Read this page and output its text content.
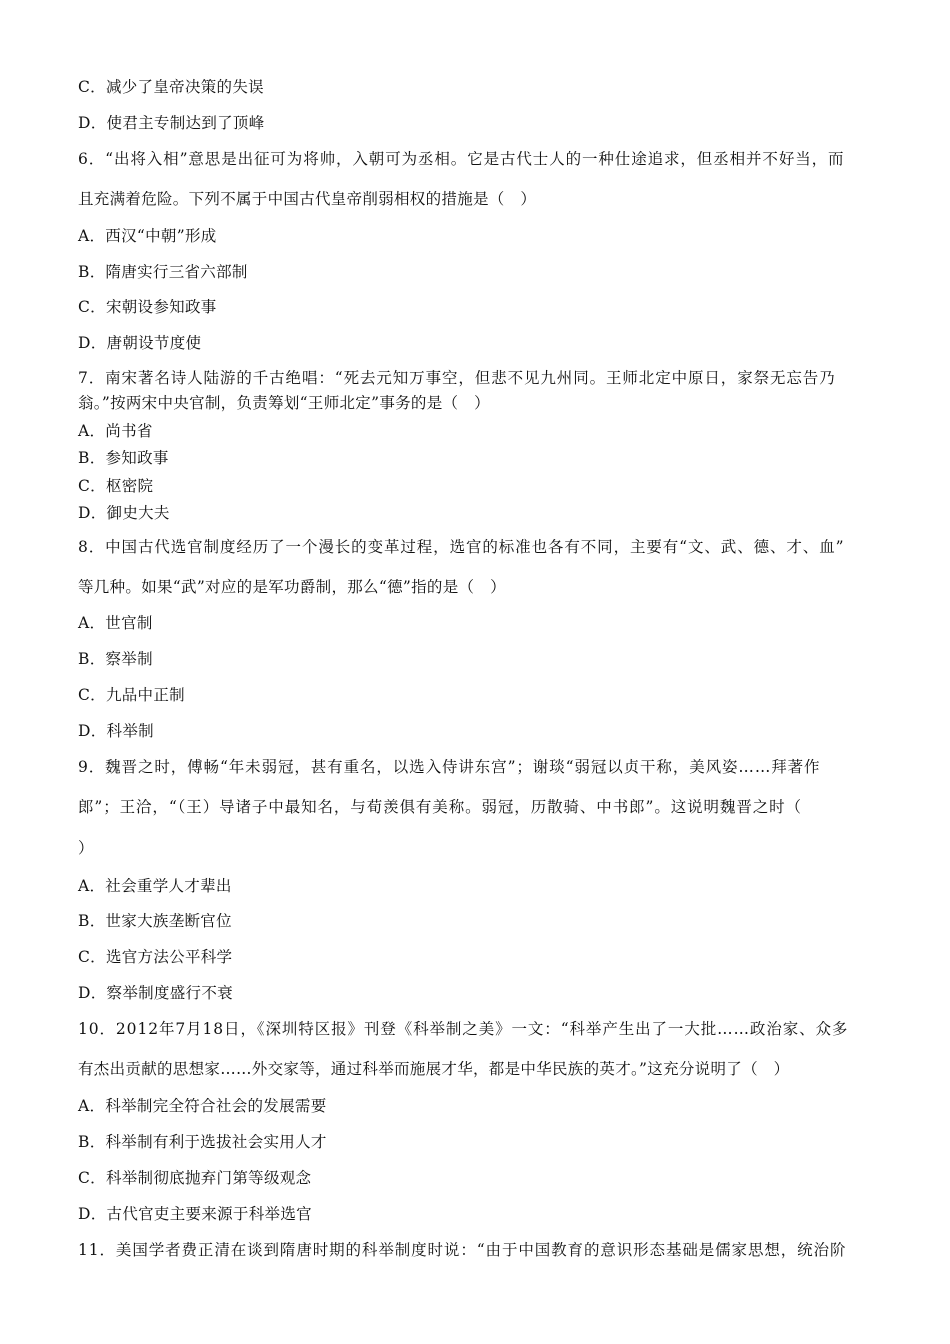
C．减少了皇帝决策的失误
D．使君主专制达到了顶峰
6．“出将入相”意思是出征可为将帅，入朝可为丞相。它是古代士人的一种仕途追求，但丞相并不好当，而
且充满着危险。下列不属于中国古代皇帝削弱相权的措施是（　）
A．西汉“中朝”形成
B．隋唐实行三省六部制
C．宋朝设参知政事
D．唐朝设节度使
7．南宋著名诗人陆游的千古绝唱：“死去元知万事空，但悲不见九州同。王师北定中原日，家祭无忘告乃
翁。”按两宋中央官制，负责筹划“王师北定”事务的是（　）
A．尚书省
B．参知政事
C．枢密院
D．御史大夫
8．中国古代选官制度经历了一个漫长的变革过程，选官的标准也各有不同，主要有“文、武、德、才、血”
等几种。如果“武”对应的是军功爵制，那么“德”指的是（　）
A．世官制
B．察举制
C．九品中正制
D．科举制
9．魏晋之时，傅畅“年未弱冠，甚有重名，以选入侍讲东宫”；谢琰“弱冠以贞干称，美风姿……拜著作
郎”；王洽，“（王）导诸子中最知名，与荀羡俱有美称。弱冠，历散骑、中书郎”。这说明魏晋之时（
）
A．社会重学人才辈出
B．世家大族垄断官位
C．选官方法公平科学
D．察举制度盛行不衰
10．2012年7月18日，《深圳特区报》刊登《科举制之美》一文：“科举产生出了一大批……政治家、众多
有杰出贡献的思想家……外交家等，通过科举而施展才华，都是中华民族的英才。”这充分说明了（　）
A．科举制完全符合社会的发展需要
B．科举制有利于选拔社会实用人才
C．科举制彻底抛弃门第等级观念
D．古代官吏主要来源于科举选官
11．美国学者费正清在谈到隋唐时期的科举制度时说：“由于中国教育的意识形态基础是儒家思想，统治阶
